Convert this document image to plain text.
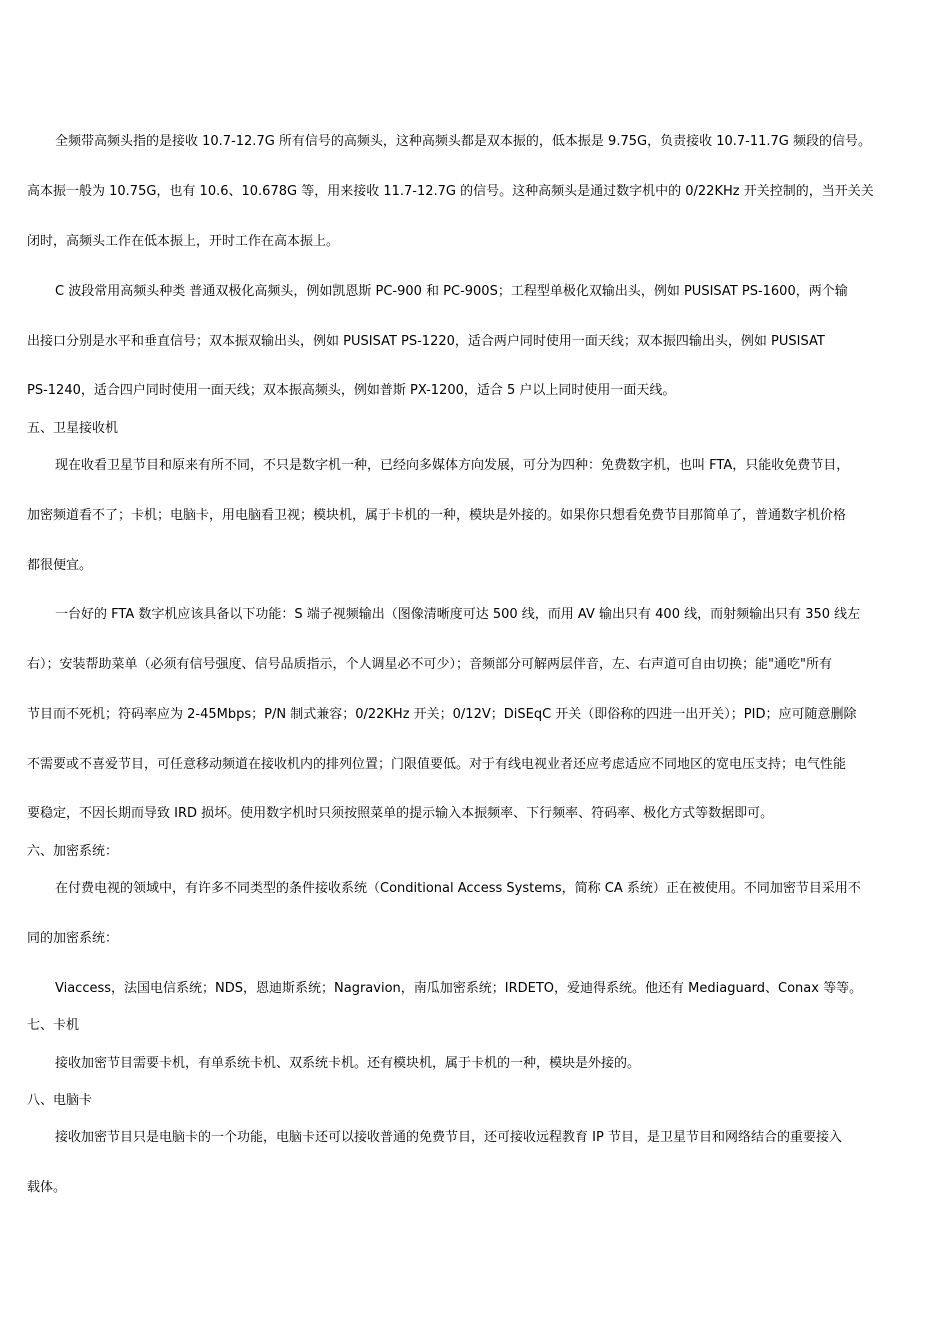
全频带高频头指的是接收 10.7-12.7G 所有信号的高频头，这种高频头都是双本振的，低本振是 9.75G，负责接收 10.7-11.7G 频段的信号。

高本振一般为 10.75G，也有 10.6、10.678G 等，用来接收 11.7-12.7G 的信号。这种高频头是通过数字机中的 0/22KHz 开关控制的，当开关关

闭时，高频头工作在低本振上，开时工作在高本振上。

C 波段常用高频头种类 普通双极化高频头，例如凯恩斯 PC-900 和 PC-900S；工程型单极化双输出头，例如 PUSISAT PS-1600，两个输

出接口分别是水平和垂直信号；双本振双输出头，例如 PUSISAT PS-1220，适合两户同时使用一面天线；双本振四输出头，例如 PUSISAT

PS-1240，适合四户同时使用一面天线；双本振高频头，例如普斯 PX-1200，适合 5 户以上同时使用一面天线。

五、卫星接收机

现在收看卫星节目和原来有所不同，不只是数字机一种，已经向多媒体方向发展，可分为四种：免费数字机，也叫 FTA，只能收免费节目，

加密频道看不了；卡机；电脑卡，用电脑看卫视；模块机，属于卡机的一种，模块是外接的。如果你只想看免费节目那简单了，普通数字机价格

都很便宜。

一台好的 FTA 数字机应该具备以下功能：S 端子视频输出（图像清晰度可达 500 线，而用 AV 输出只有 400 线，而射频输出只有 350 线左

右）；安装帮助菜单（必须有信号强度、信号品质指示，个人调星必不可少）；音频部分可解两层伴音，左、右声道可自由切换；能"通吃"所有

节目而不死机；符码率应为 2-45Mbps；P/N 制式兼容；0/22KHz 开关；0/12V；DiSEqC 开关（即俗称的四进一出开关）；PID；应可随意删除

不需要或不喜爱节目，可任意移动频道在接收机内的排列位置；门限值要低。对于有线电视业者还应考虑适应不同地区的宽电压支持；电气性能

要稳定，不因长期而导致 IRD 损坏。使用数字机时只须按照菜单的提示输入本振频率、下行频率、符码率、极化方式等数据即可。

六、加密系统：

在付费电视的领域中，有许多不同类型的条件接收系统（Conditional Access Systems，简称 CA 系统）正在被使用。不同加密节目采用不

同的加密系统：

Viaccess，法国电信系统；NDS，恩迪斯系统；Nagravion，南瓜加密系统；IRDETO，爱迪得系统。他还有 Mediaguard、Conax 等等。

七、卡机

接收加密节目需要卡机，有单系统卡机、双系统卡机。还有模块机，属于卡机的一种，模块是外接的。

八、电脑卡

接收加密节目只是电脑卡的一个功能，电脑卡还可以接收普通的免费节目，还可接收远程教育 IP 节目，是卫星节目和网络结合的重要接入

载体。
